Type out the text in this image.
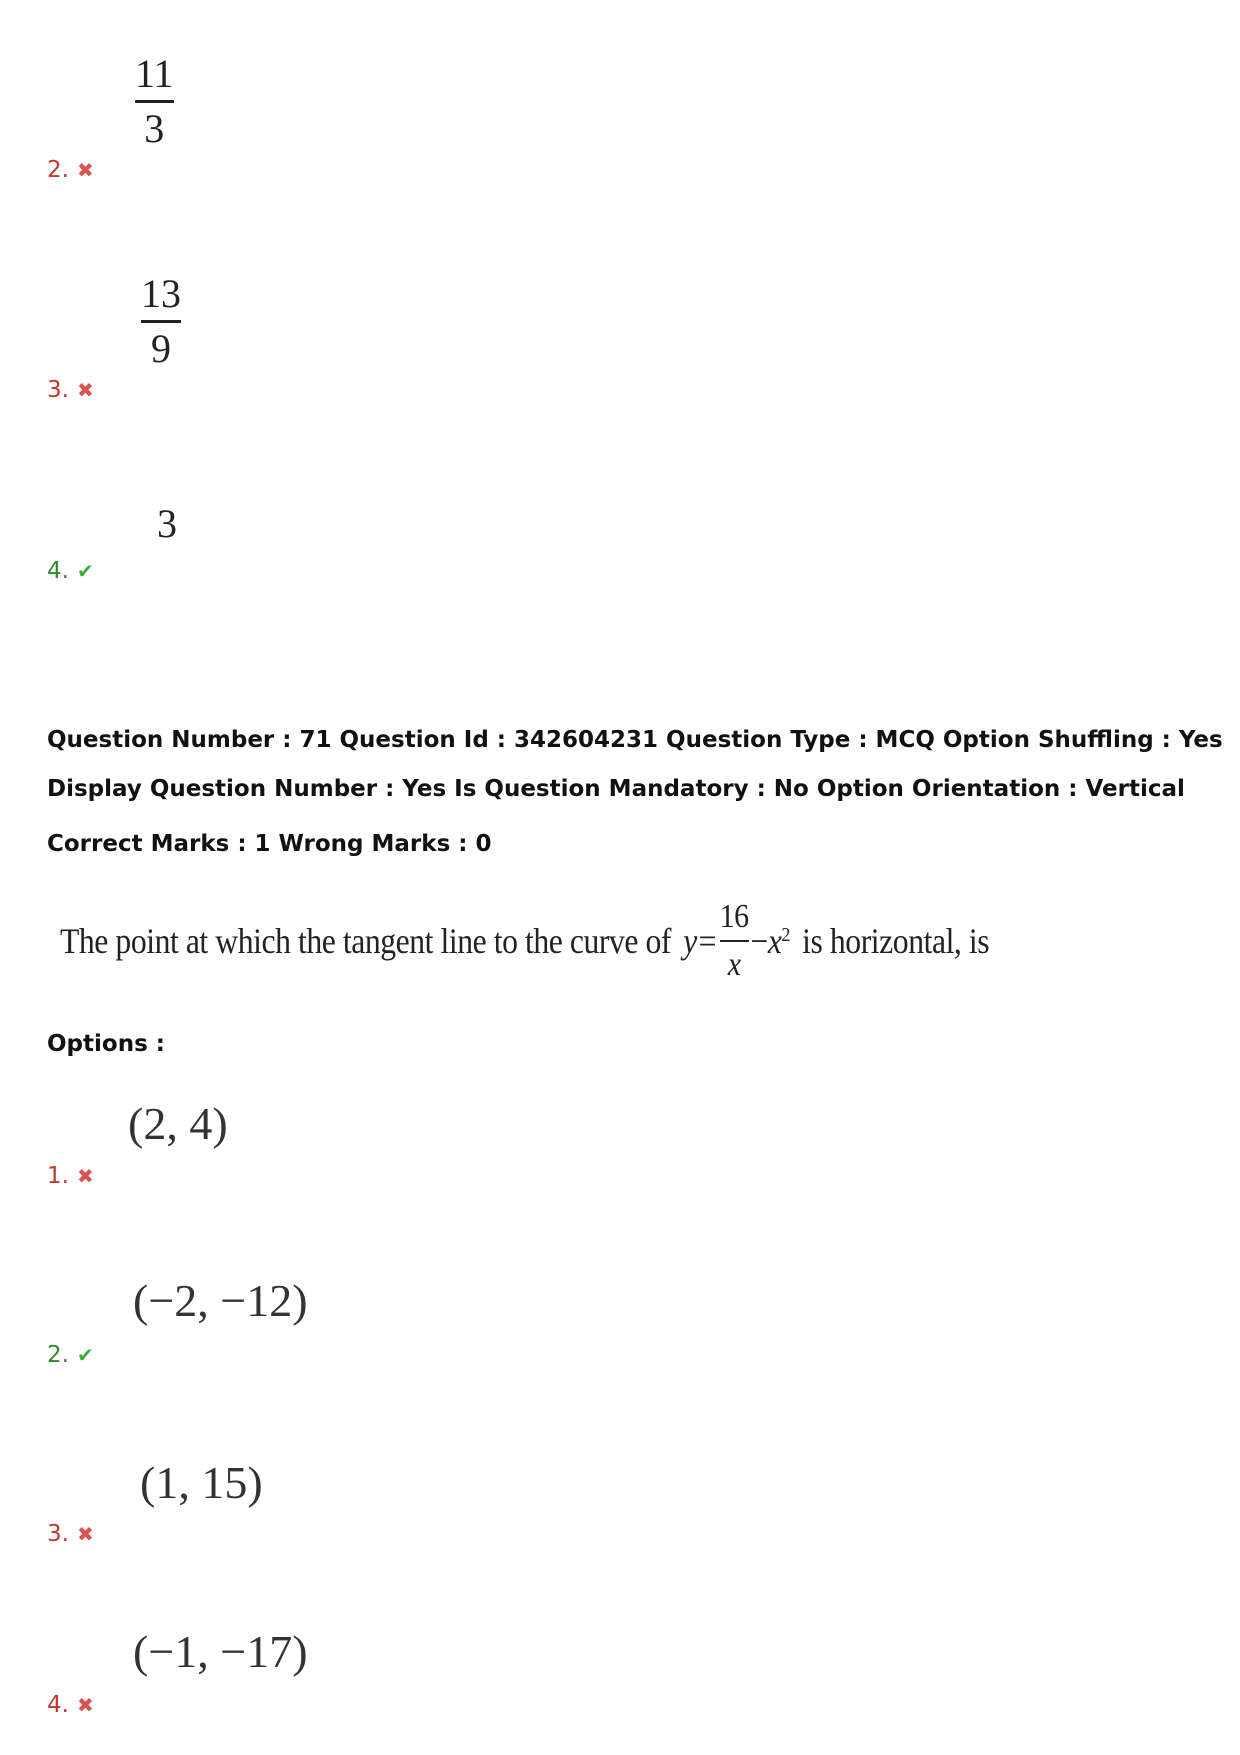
11
3
2. ✖
13
9
3. ✖
3
4. ✔
Question Number : 71 Question Id : 342604231 Question Type : MCQ Option Shuffling : Yes
Display Question Number : Yes Is Question Mandatory : No Option Orientation : Vertical
Correct Marks : 1 Wrong Marks : 0
The point at which the tangent line to the curve of $y = \frac{16}{x} - x^2$ is horizontal, is
Options :
(2, 4)
1. ✖
(−2, −12)
2. ✔
(1, 15)
3. ✖
(−1, −17)
4. ✖
